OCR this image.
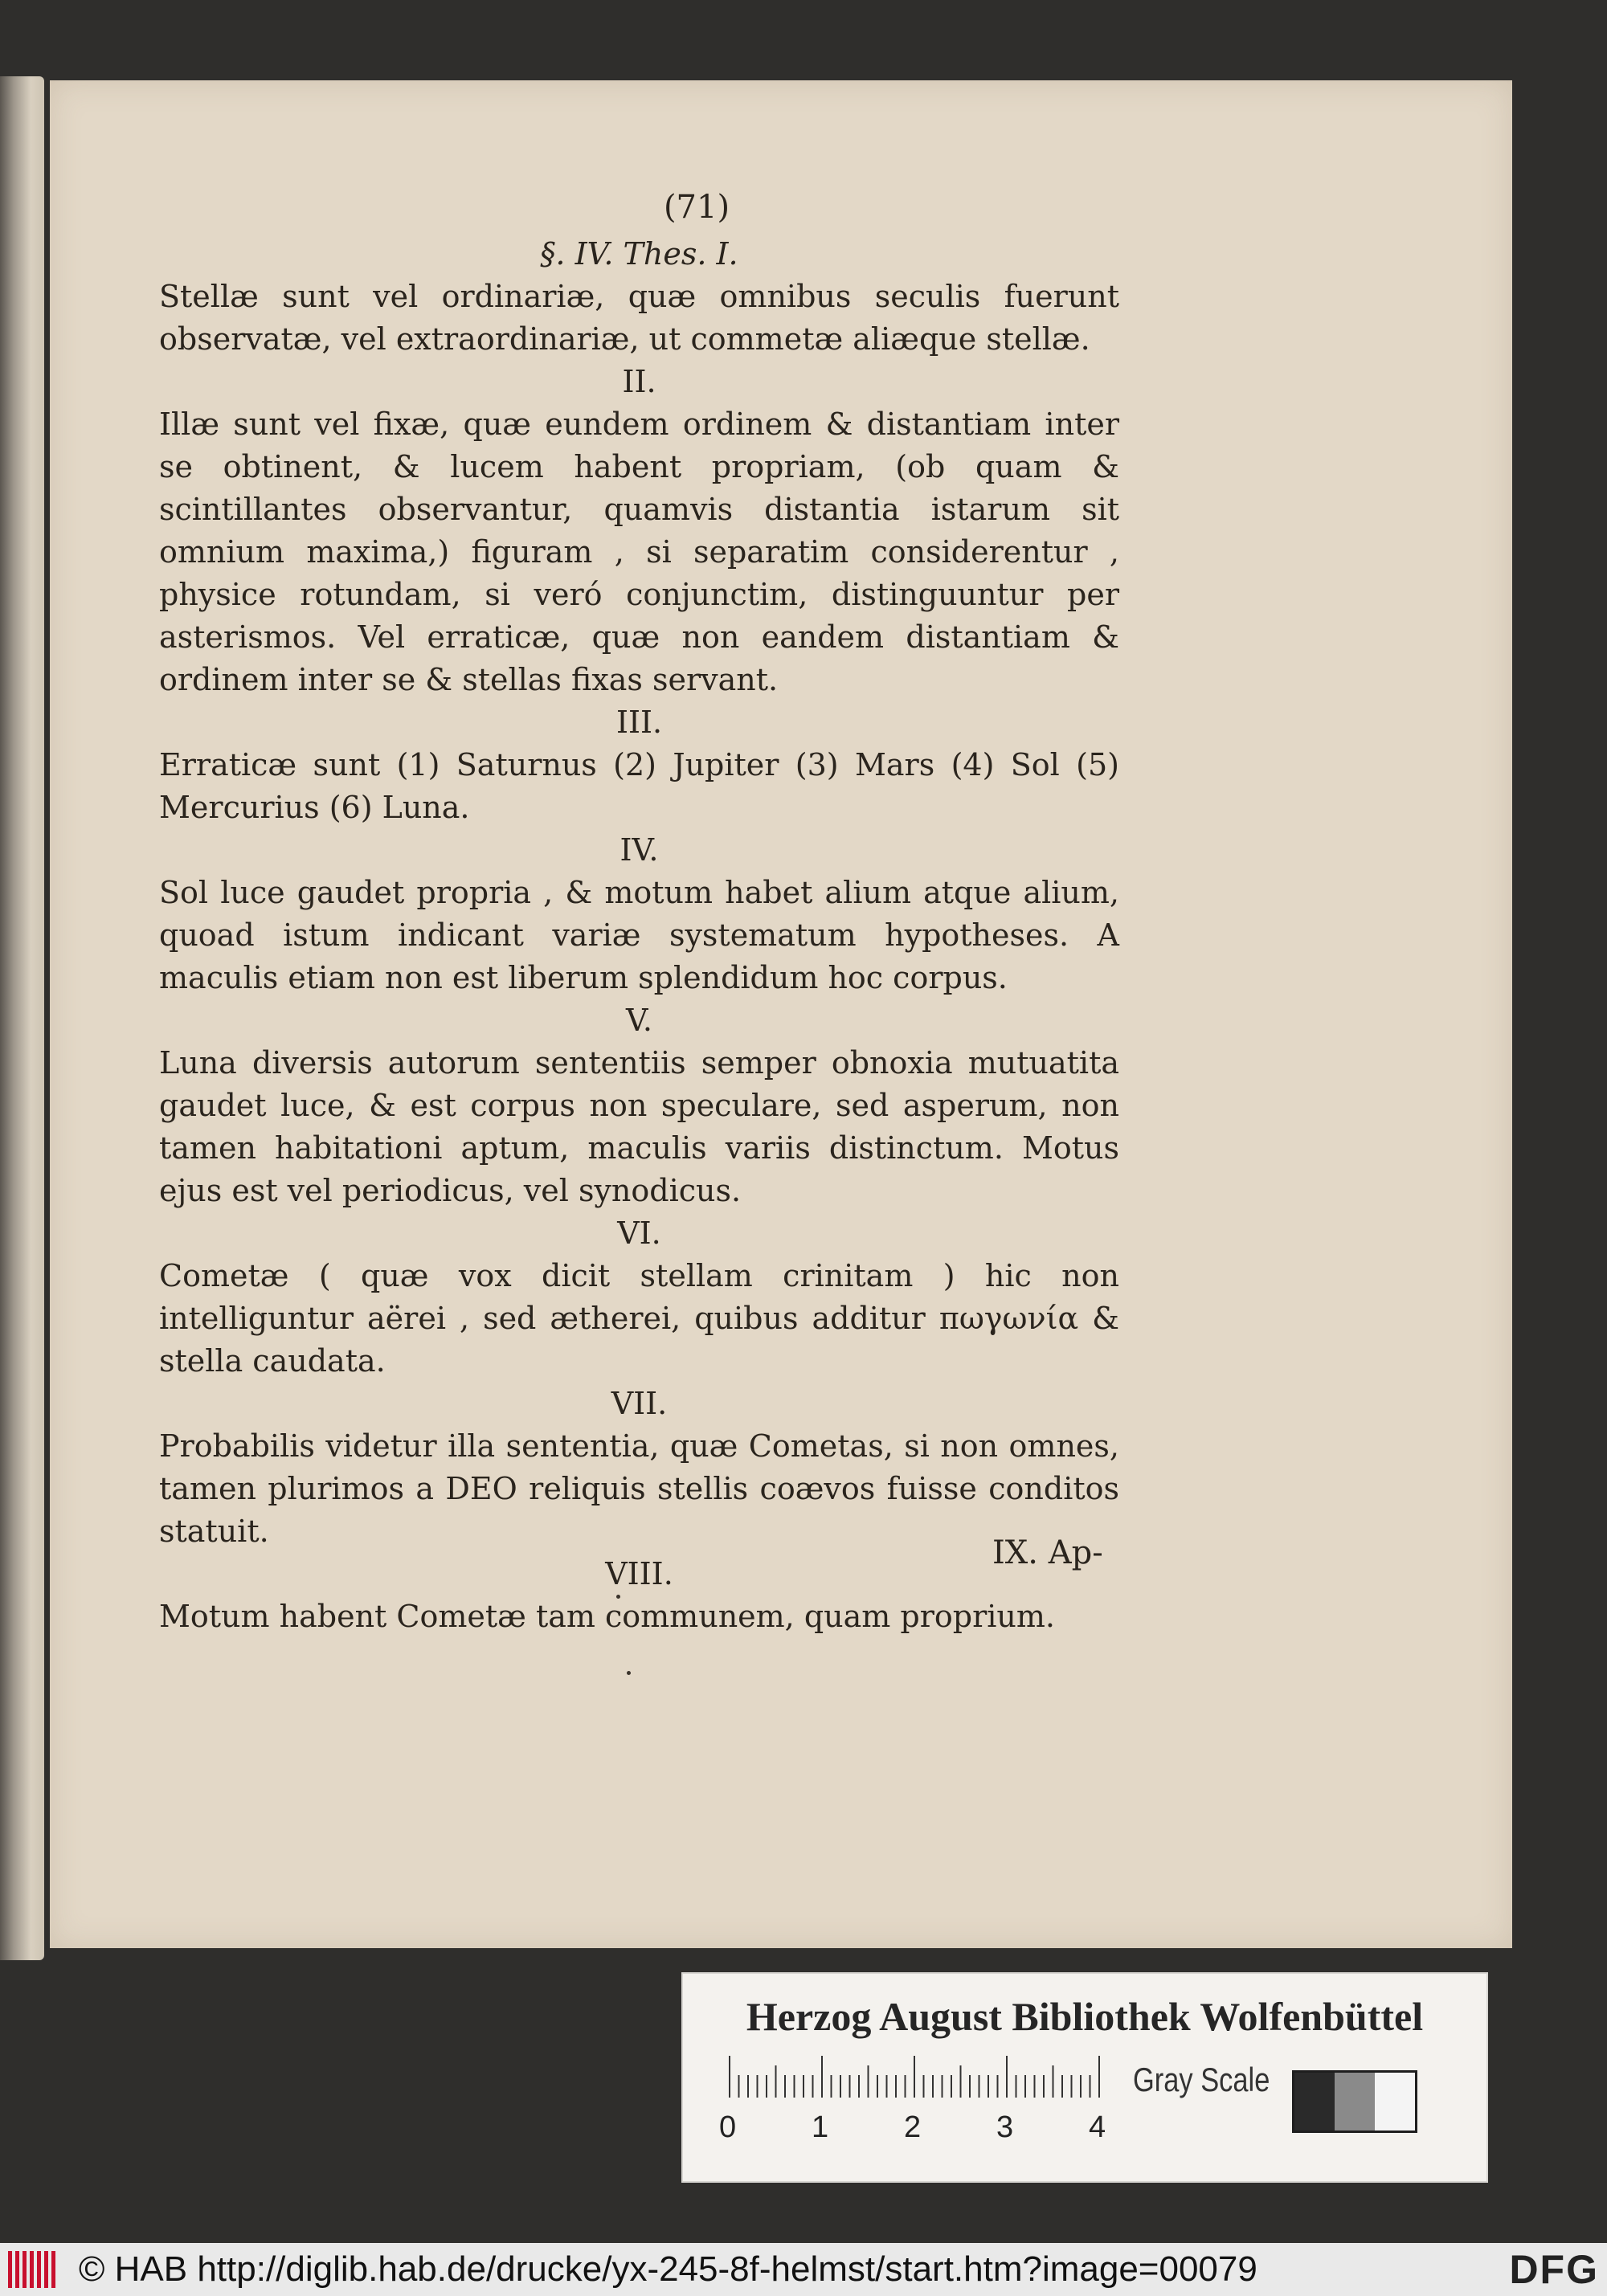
(71)
§. IV. Thes. I.
Stellæ sunt vel ordinariæ, quæ omnibus seculis fuerunt observatæ, vel extraordinariæ, ut commetæ aliæque stellæ.
II.
Illæ sunt vel fixæ, quæ eundem ordinem & distantiam inter se obtinent, & lucem habent propriam, (ob quam & scintillantes observantur, quamvis distantia istarum sit omnium maxima,) figuram , si separatim considerentur , physice rotundam, si veró conjunctim, distinguuntur per asterismos. Vel erraticæ, quæ non eandem distantiam & ordinem inter se & stellas fixas servant.
III.
Erraticæ sunt (1) Saturnus (2) Jupiter (3) Mars (4) Sol (5) Mercurius (6) Luna.
IV.
Sol luce gaudet propria , & motum habet alium atque alium, quoad istum indicant variæ systematum hypotheses. A maculis etiam non est liberum splendidum hoc corpus.
V.
Luna diversis autorum sententiis semper obnoxia mutuatita gaudet luce, & est corpus non speculare, sed asperum, non tamen habitationi aptum, maculis variis distinctum. Motus ejus est vel periodicus, vel synodicus.
VI.
Cometæ ( quæ vox dicit stellam crinitam ) hic non intelliguntur aërei , sed ætherei, quibus additur πωγωνία & stella caudata.
VII.
Probabilis videtur illa sententia, quæ Cometas, si non omnes, tamen plurimos a DEO reliquis stellis coævos fuisse conditos statuit.
VIII.
Motum habent Cometæ tam communem, quam proprium.
IX. Ap-
Herzog August Bibliothek Wolfenbüttel
0 1 2 3 4
Gray Scale
© HAB http://diglib.hab.de/drucke/yx-245-8f-helmst/start.htm?image=00079	DFG
